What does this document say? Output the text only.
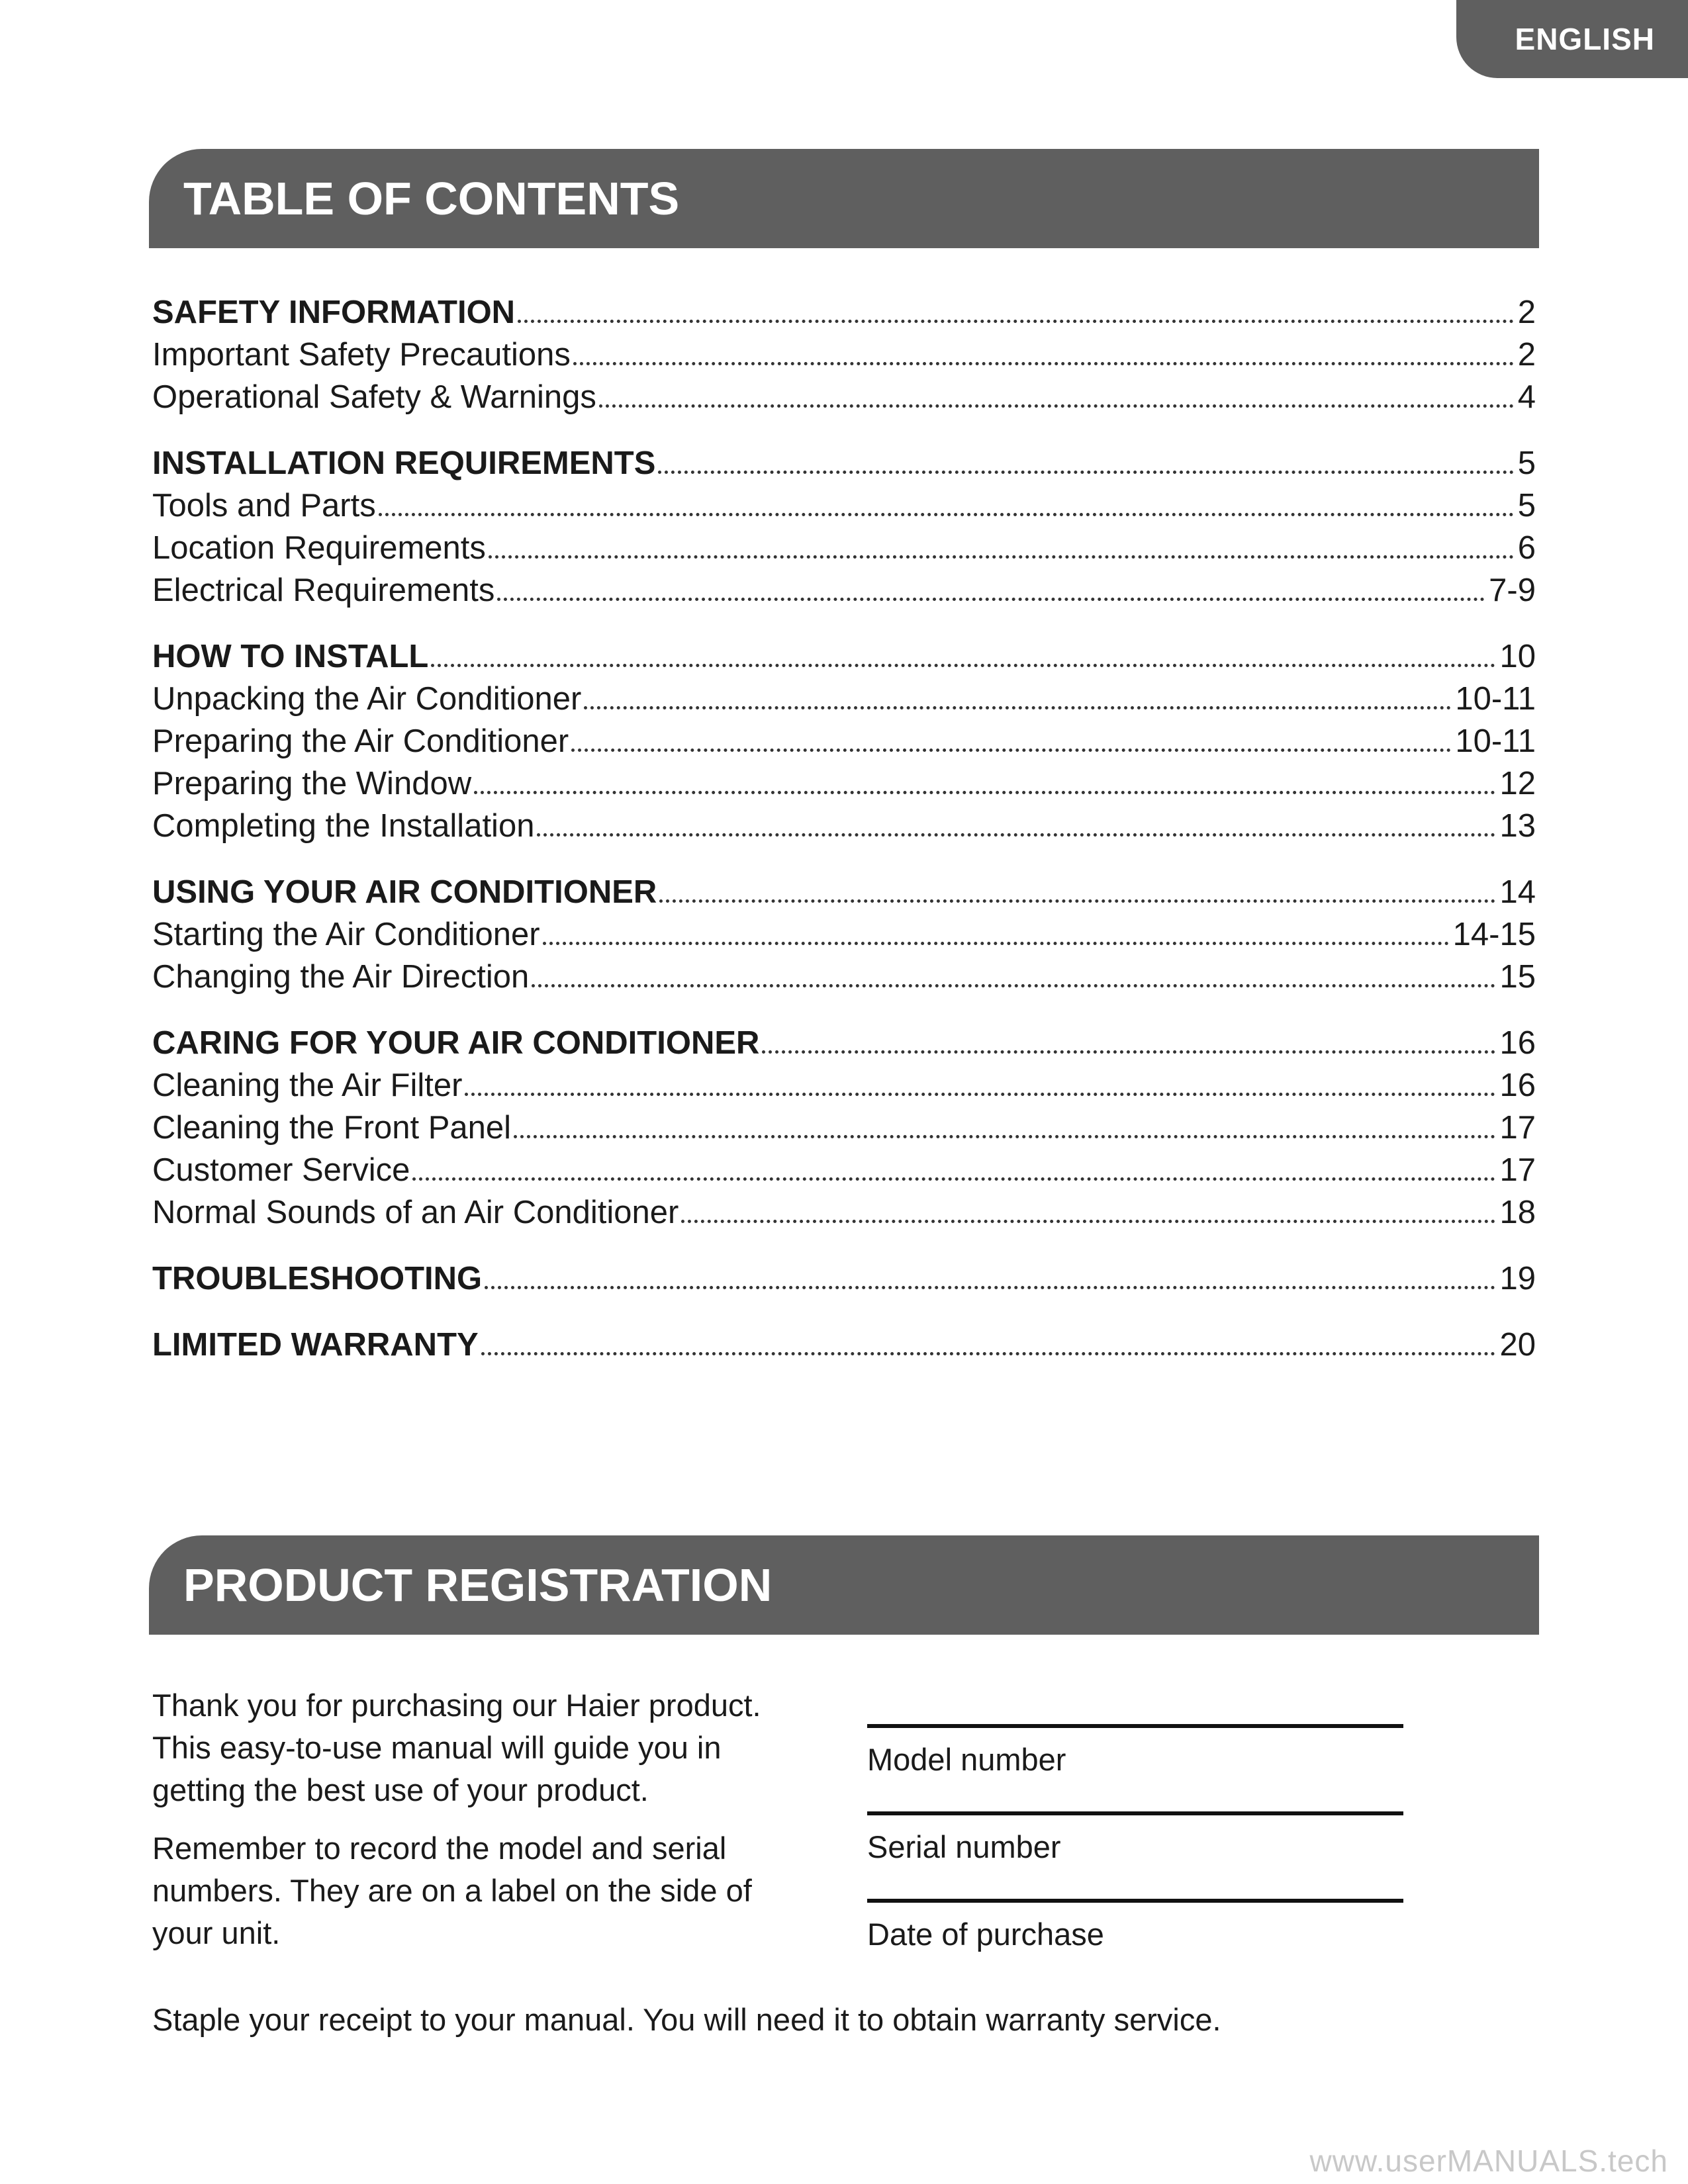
ENGLISH
TABLE OF CONTENTS
SAFETY INFORMATION	2
Important Safety Precautions	2
Operational Safety & Warnings	4
INSTALLATION REQUIREMENTS	5
Tools and Parts	5
Location Requirements	6
Electrical Requirements	7-9
HOW TO INSTALL	10
Unpacking the Air Conditioner	10-11
Preparing the Air Conditioner	10-11
Preparing the Window	12
Completing the Installation	13
USING YOUR AIR CONDITIONER	14
Starting the Air Conditioner	14-15
Changing the Air Direction	15
CARING FOR YOUR AIR CONDITIONER	16
Cleaning the Air Filter	16
Cleaning the Front Panel	17
Customer Service	17
Normal Sounds of an Air Conditioner	18
TROUBLESHOOTING	19
LIMITED WARRANTY	20
PRODUCT REGISTRATION

Thank you for purchasing our Haier product. This easy-to-use manual will guide you in getting the best use of your product.

Remember to record the model and serial numbers. They are on a label on the side of your unit.

Model number
Serial number
Date of purchase
Staple your receipt to your manual. You will need it to obtain warranty service.
www.userMANUALS.tech
